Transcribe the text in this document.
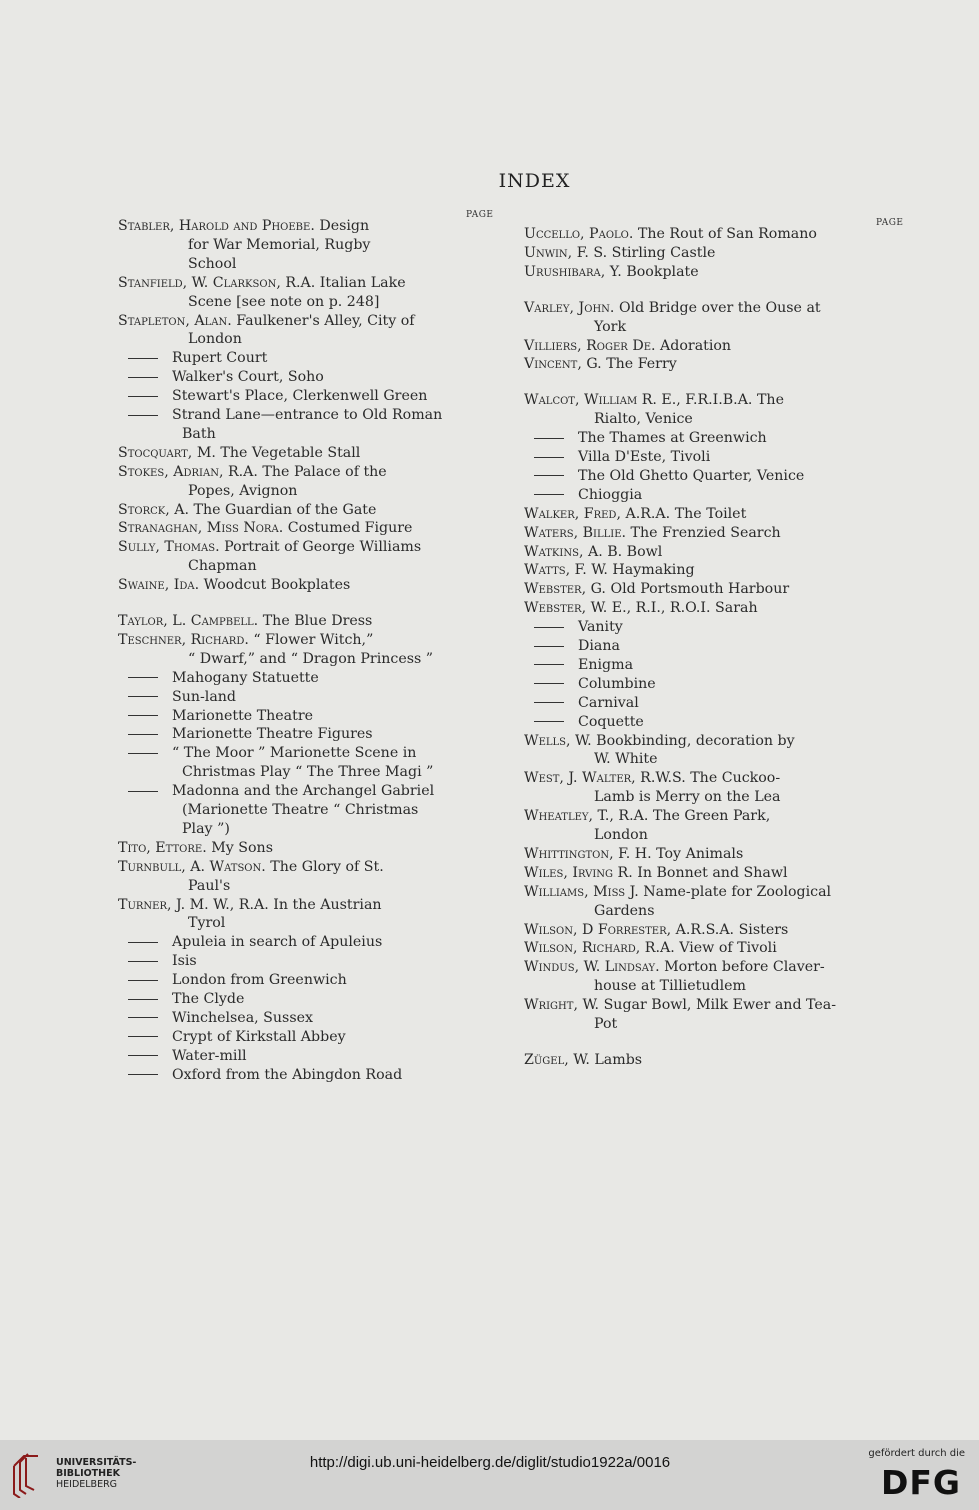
INDEX
PAGE
PAGE
Stabler, Harold and Phoebe. Design
for War Memorial, Rugby
School
Stanfield, W. Clarkson, R.A. Italian Lake
Scene [see note on p. 248]
Stapleton, Alan. Faulkener's Alley, City of
London
Rupert Court
Walker's Court, Soho
Stewart's Place, Clerkenwell Green
Strand Lane—entrance to Old Roman
Bath
Stocquart, M. The Vegetable Stall
Stokes, Adrian, R.A. The Palace of the
Popes, Avignon
Storck, A. The Guardian of the Gate
Stranaghan, Miss Nora. Costumed Figure
Sully, Thomas. Portrait of George Williams
Chapman
Swaine, Ida. Woodcut Bookplates
Taylor, L. Campbell. The Blue Dress
Teschner, Richard. “ Flower Witch,”
“ Dwarf,” and “ Dragon Princess ”
Mahogany Statuette
Sun-land
Marionette Theatre
Marionette Theatre Figures
“ The Moor ” Marionette Scene in
Christmas Play “ The Three Magi ”
Madonna and the Archangel Gabriel
(Marionette Theatre “ Christmas
Play ”)
Tito, Ettore. My Sons
Turnbull, A. Watson. The Glory of St.
Paul's
Turner, J. M. W., R.A. In the Austrian
Tyrol
Apuleia in search of Apuleius
Isis
London from Greenwich
The Clyde
Winchelsea, Sussex
Crypt of Kirkstall Abbey
Water-mill
Oxford from the Abingdon Road
Uccello, Paolo. The Rout of San Romano
Unwin, F. S. Stirling Castle
Urushibara, Y. Bookplate
Varley, John. Old Bridge over the Ouse at
York
Villiers, Roger De. Adoration
Vincent, G. The Ferry
Walcot, William R. E., F.R.I.B.A. The
Rialto, Venice
The Thames at Greenwich
Villa D'Este, Tivoli
The Old Ghetto Quarter, Venice
Chioggia
Walker, Fred, A.R.A. The Toilet
Waters, Billie. The Frenzied Search
Watkins, A. B. Bowl
Watts, F. W. Haymaking
Webster, G. Old Portsmouth Harbour
Webster, W. E., R.I., R.O.I. Sarah
Vanity
Diana
Enigma
Columbine
Carnival
Coquette
Wells, W. Bookbinding, decoration by
W. White
West, J. Walter, R.W.S. The Cuckoo-
Lamb is Merry on the Lea
Wheatley, T., R.A. The Green Park,
London
Whittington, F. H. Toy Animals
Wiles, Irving R. In Bonnet and Shawl
Williams, Miss J. Name-plate for Zoological
Gardens
Wilson, D Forrester, A.R.S.A. Sisters
Wilson, Richard, R.A. View of Tivoli
Windus, W. Lindsay. Morton before Claver-
house at Tillietudlem
Wright, W. Sugar Bowl, Milk Ewer and Tea-
Pot
Zügel, W. Lambs
UNIVERSITÄTS-
BIBLIOTHEK
HEIDELBERG
http://digi.ub.uni-heidelberg.de/diglit/studio1922a/0016
gefördert durch die
DFG
